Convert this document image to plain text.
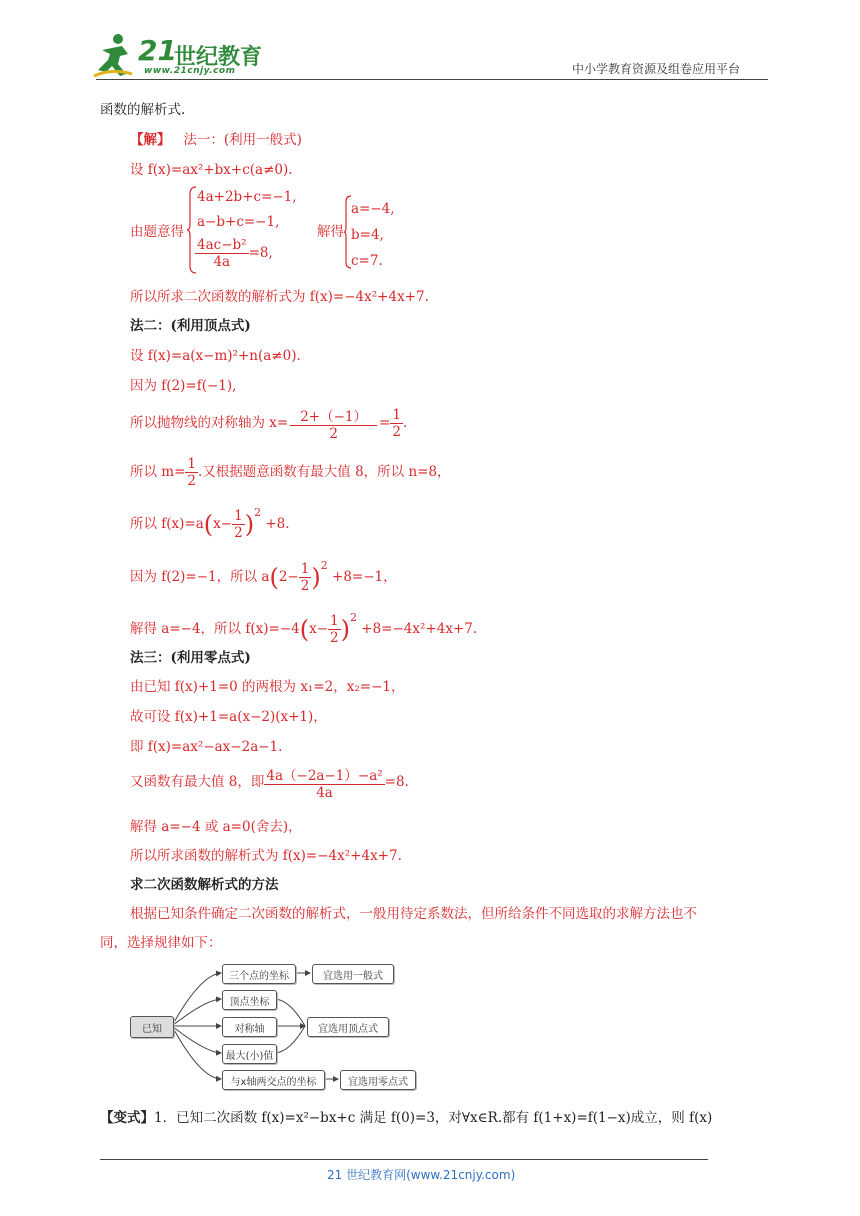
21
世纪教育
www.21cnjy.com	中小学教育资源及组卷应用平台
函数的解析式.
【解】 法一：(利用一般式)
设 f(x)=ax²+bx+c(a≠0).
由题意得
4a+2b+c=−1,
a−b+c=−1,
$\frac{\text{4ac−b²}}{4a} =8$,
解得
a=−4,
b=4,
c=7.
所以所求二次函数的解析式为 f(x)=−4x²+4x+7.
法二：(利用顶点式)
设 f(x)=a(x−m)²+n(a≠0).
因为 f(2)=f(−1),
所以抛物线的对称轴为 $x= \frac{2+(-1)}{2} = \frac{1}{2}$ .
所以 $m= \frac{1}{2}$ .又根据题意函数有最大值 8，所以 n=8，
所以 $f(x)=a(x- \frac{1}{2} )^2 +8$.
因为 f(2)=−1，所以 $a(2- \frac{1}{2} )^2 +8=-1$，
解得 a=−4，所以 $f(x)=-4(x- \frac{1}{2} )^2 +8=-4x^2+4x+7$.
法三：(利用零点式)
由已知 f(x)+1=0 的两根为 x₁=2，x₂=−1，
故可设 f(x)+1=a(x−2)(x+1)，
即 f(x)=ax²−ax−2a−1.
又函数有最大值 8，即 $\frac{\text{4a（−2a−1）−a²}}{4a} =8$.
解得 a=−4 或 a=0(舍去)，
所以所求函数的解析式为 f(x)=−4x²+4x+7.
求二次函数解析式的方法
根据已知条件确定二次函数的解析式，一般用待定系数法，但所给条件不同选取的求解方法也不
同，选择规律如下：
已知
三个点的坐标	宜选用一般式
顶点坐标
对称轴
最大(小)值
宜选用顶点式
与x轴两交点的坐标	宜选用零点式
【变式】1．已知二次函数 f(x)=x²−bx+c 满足 f(0)=3，对∀x∈R.都有 f(1+x)=f(1−x)成立，则 f(x)
21 世纪教育网(www.21cnjy.com)
